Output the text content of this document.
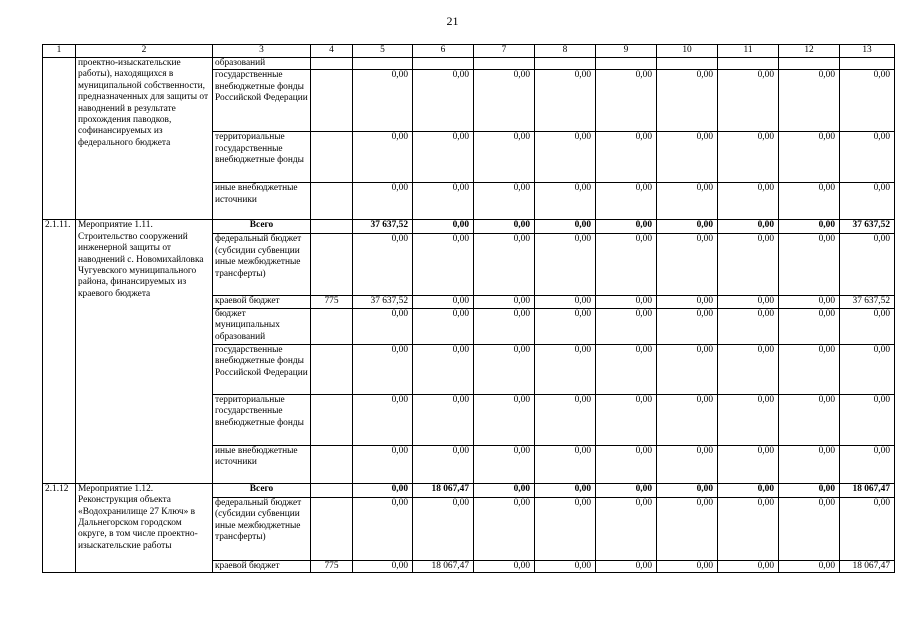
21
1	2	3	4	5	6	7	8	9	10	11	12	13
	проектно-изыскательские работы), находящихся в муниципальной собственности, предназначенных для защиты от наводнений в результате прохождения паводков, софинансируемых из федерального бюджета	образований										
		государственные внебюджетные фонды Российской Федерации		0,00	0,00	0,00	0,00	0,00	0,00	0,00	0,00	0,00
		территориальные государственные внебюджетные фонды		0,00	0,00	0,00	0,00	0,00	0,00	0,00	0,00	0,00
		иные внебюджетные источники		0,00	0,00	0,00	0,00	0,00	0,00	0,00	0,00	0,00
2.1.11.	Мероприятие 1.11. Строительство сооружений инженерной защиты от наводнений с. Новомихайловка Чугуевского муниципального района, финансируемых из краевого бюджета	Всего		37 637,52	0,00	0,00	0,00	0,00	0,00	0,00	0,00	37 637,52
		федеральный бюджет (субсидии субвенции иные межбюджетные трансферты)		0,00	0,00	0,00	0,00	0,00	0,00	0,00	0,00	0,00
		краевой бюджет	775	37 637,52	0,00	0,00	0,00	0,00	0,00	0,00	0,00	37 637,52
		бюджет муниципальных образований		0,00	0,00	0,00	0,00	0,00	0,00	0,00	0,00	0,00
		государственные внебюджетные фонды Российской Федерации		0,00	0,00	0,00	0,00	0,00	0,00	0,00	0,00	0,00
		территориальные государственные внебюджетные фонды		0,00	0,00	0,00	0,00	0,00	0,00	0,00	0,00	0,00
		иные внебюджетные источники		0,00	0,00	0,00	0,00	0,00	0,00	0,00	0,00	0,00
2.1.12	Мероприятие 1.12. Реконструкция объекта «Водохранилище 27 Ключ» в Дальнегорском городском округе, в том числе проектно-изыскательские работы	Всего		0,00	18 067,47	0,00	0,00	0,00	0,00	0,00	0,00	18 067,47
		федеральный бюджет (субсидии субвенции иные межбюджетные трансферты)		0,00	0,00	0,00	0,00	0,00	0,00	0,00	0,00	0,00
		краевой бюджет	775	0,00	18 067,47	0,00	0,00	0,00	0,00	0,00	0,00	18 067,47
